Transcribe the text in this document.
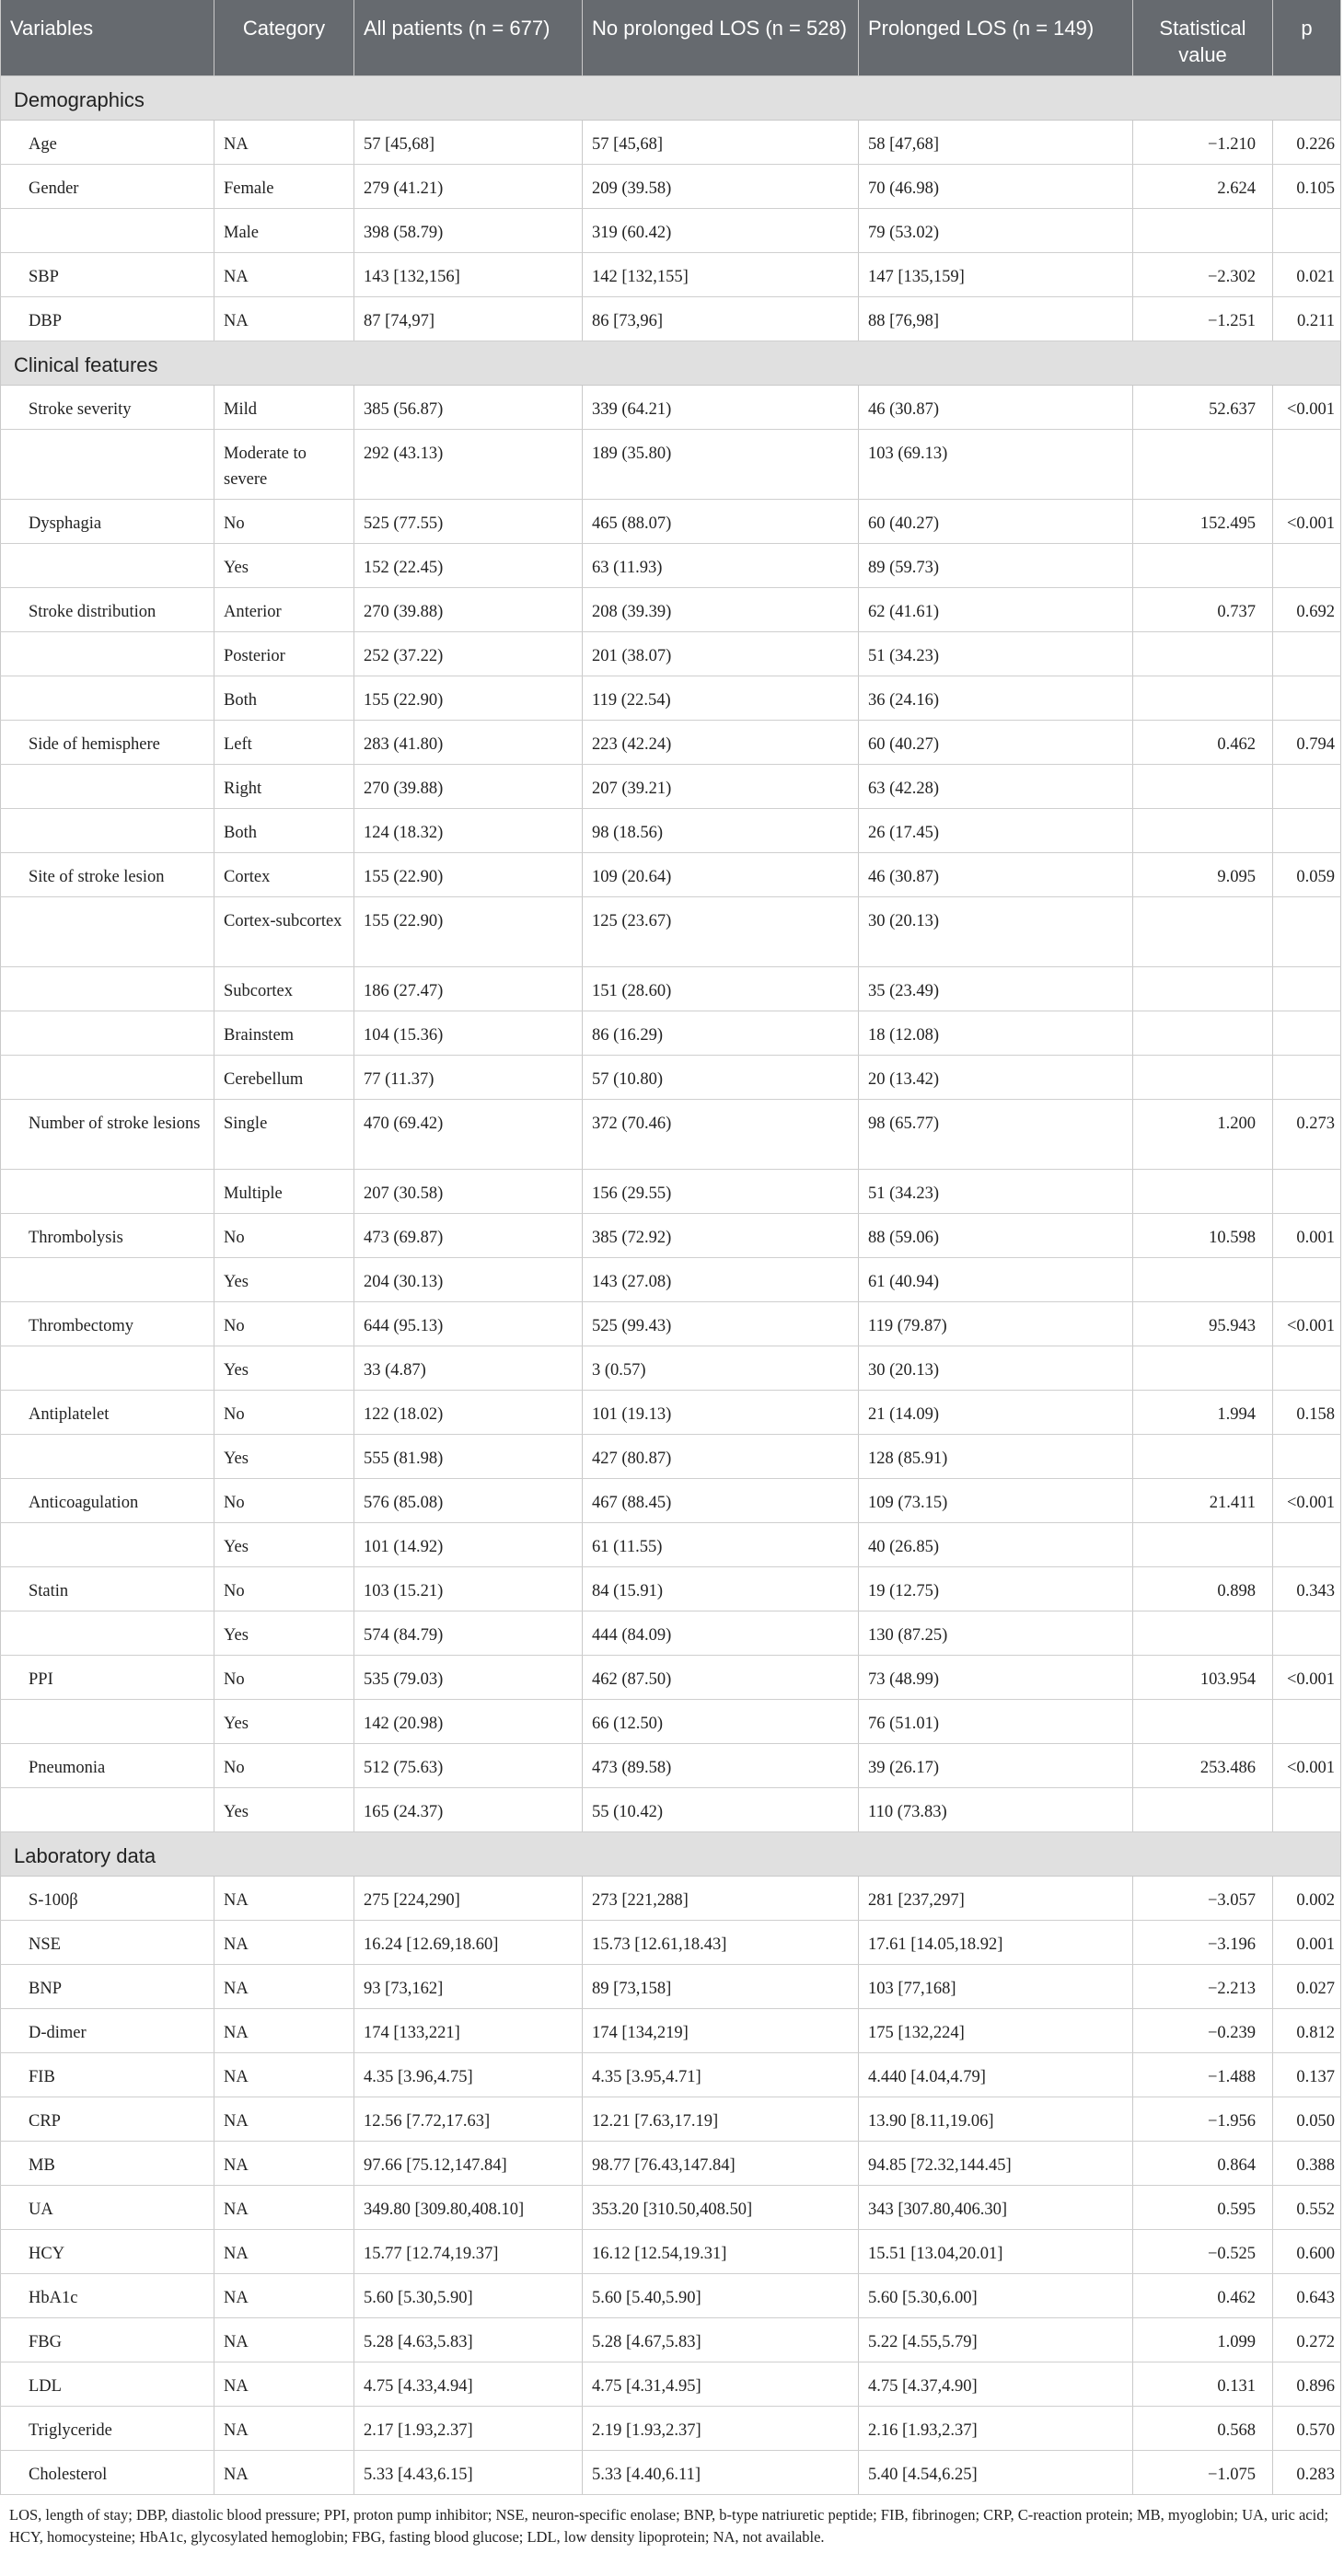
Variables	Category	All patients (n = 677)	No prolonged LOS (n = 528)	Prolonged LOS (n = 149)	Statistical value	p
Demographics						
Age	NA	57 [45,68]	57 [45,68]	58 [47,68]	−1.210	0.226
Gender	Female	279 (41.21)	209 (39.58)	70 (46.98)	2.624	0.105
	Male	398 (58.79)	319 (60.42)	79 (53.02)		
SBP	NA	143 [132,156]	142 [132,155]	147 [135,159]	−2.302	0.021
DBP	NA	87 [74,97]	86 [73,96]	88 [76,98]	−1.251	0.211
Clinical features						
Stroke severity	Mild	385 (56.87)	339 (64.21)	46 (30.87)	52.637	<0.001
	Moderate to severe	292 (43.13)	189 (35.80)	103 (69.13)		
Dysphagia	No	525 (77.55)	465 (88.07)	60 (40.27)	152.495	<0.001
	Yes	152 (22.45)	63 (11.93)	89 (59.73)		
Stroke distribution	Anterior	270 (39.88)	208 (39.39)	62 (41.61)	0.737	0.692
	Posterior	252 (37.22)	201 (38.07)	51 (34.23)		
	Both	155 (22.90)	119 (22.54)	36 (24.16)		
Side of hemisphere	Left	283 (41.80)	223 (42.24)	60 (40.27)	0.462	0.794
	Right	270 (39.88)	207 (39.21)	63 (42.28)		
	Both	124 (18.32)	98 (18.56)	26 (17.45)		
Site of stroke lesion	Cortex	155 (22.90)	109 (20.64)	46 (30.87)	9.095	0.059
	Cortex-subcortex	155 (22.90)	125 (23.67)	30 (20.13)		
	Subcortex	186 (27.47)	151 (28.60)	35 (23.49)		
	Brainstem	104 (15.36)	86 (16.29)	18 (12.08)		
	Cerebellum	77 (11.37)	57 (10.80)	20 (13.42)		
Number of stroke lesions	Single	470 (69.42)	372 (70.46)	98 (65.77)	1.200	0.273
	Multiple	207 (30.58)	156 (29.55)	51 (34.23)		
Thrombolysis	No	473 (69.87)	385 (72.92)	88 (59.06)	10.598	0.001
	Yes	204 (30.13)	143 (27.08)	61 (40.94)		
Thrombectomy	No	644 (95.13)	525 (99.43)	119 (79.87)	95.943	<0.001
	Yes	33 (4.87)	3 (0.57)	30 (20.13)		
Antiplatelet	No	122 (18.02)	101 (19.13)	21 (14.09)	1.994	0.158
	Yes	555 (81.98)	427 (80.87)	128 (85.91)		
Anticoagulation	No	576 (85.08)	467 (88.45)	109 (73.15)	21.411	<0.001
	Yes	101 (14.92)	61 (11.55)	40 (26.85)		
Statin	No	103 (15.21)	84 (15.91)	19 (12.75)	0.898	0.343
	Yes	574 (84.79)	444 (84.09)	130 (87.25)		
PPI	No	535 (79.03)	462 (87.50)	73 (48.99)	103.954	<0.001
	Yes	142 (20.98)	66 (12.50)	76 (51.01)		
Pneumonia	No	512 (75.63)	473 (89.58)	39 (26.17)	253.486	<0.001
	Yes	165 (24.37)	55 (10.42)	110 (73.83)		
Laboratory data						
S-100β	NA	275 [224,290]	273 [221,288]	281 [237,297]	−3.057	0.002
NSE	NA	16.24 [12.69,18.60]	15.73 [12.61,18.43]	17.61 [14.05,18.92]	−3.196	0.001
BNP	NA	93 [73,162]	89 [73,158]	103 [77,168]	−2.213	0.027
D-dimer	NA	174 [133,221]	174 [134,219]	175 [132,224]	−0.239	0.812
FIB	NA	4.35 [3.96,4.75]	4.35 [3.95,4.71]	4.440 [4.04,4.79]	−1.488	0.137
CRP	NA	12.56 [7.72,17.63]	12.21 [7.63,17.19]	13.90 [8.11,19.06]	−1.956	0.050
MB	NA	97.66 [75.12,147.84]	98.77 [76.43,147.84]	94.85 [72.32,144.45]	0.864	0.388
UA	NA	349.80 [309.80,408.10]	353.20 [310.50,408.50]	343 [307.80,406.30]	0.595	0.552
HCY	NA	15.77 [12.74,19.37]	16.12 [12.54,19.31]	15.51 [13.04,20.01]	−0.525	0.600
HbA1c	NA	5.60 [5.30,5.90]	5.60 [5.40,5.90]	5.60 [5.30,6.00]	0.462	0.643
FBG	NA	5.28 [4.63,5.83]	5.28 [4.67,5.83]	5.22 [4.55,5.79]	1.099	0.272
LDL	NA	4.75 [4.33,4.94]	4.75 [4.31,4.95]	4.75 [4.37,4.90]	0.131	0.896
Triglyceride	NA	2.17 [1.93,2.37]	2.19 [1.93,2.37]	2.16 [1.93,2.37]	0.568	0.570
Cholesterol	NA	5.33 [4.43,6.15]	5.33 [4.40,6.11]	5.40 [4.54,6.25]	−1.075	0.283
LOS, length of stay; DBP, diastolic blood pressure; PPI, proton pump inhibitor; NSE, neuron-specific enolase; BNP, b-type natriuretic peptide; FIB, fibrinogen; CRP, C-reaction protein; MB, myoglobin; UA, uric acid; HCY, homocysteine; HbA1c, glycosylated hemoglobin; FBG, fasting blood glucose; LDL, low density lipoprotein; NA, not available.
